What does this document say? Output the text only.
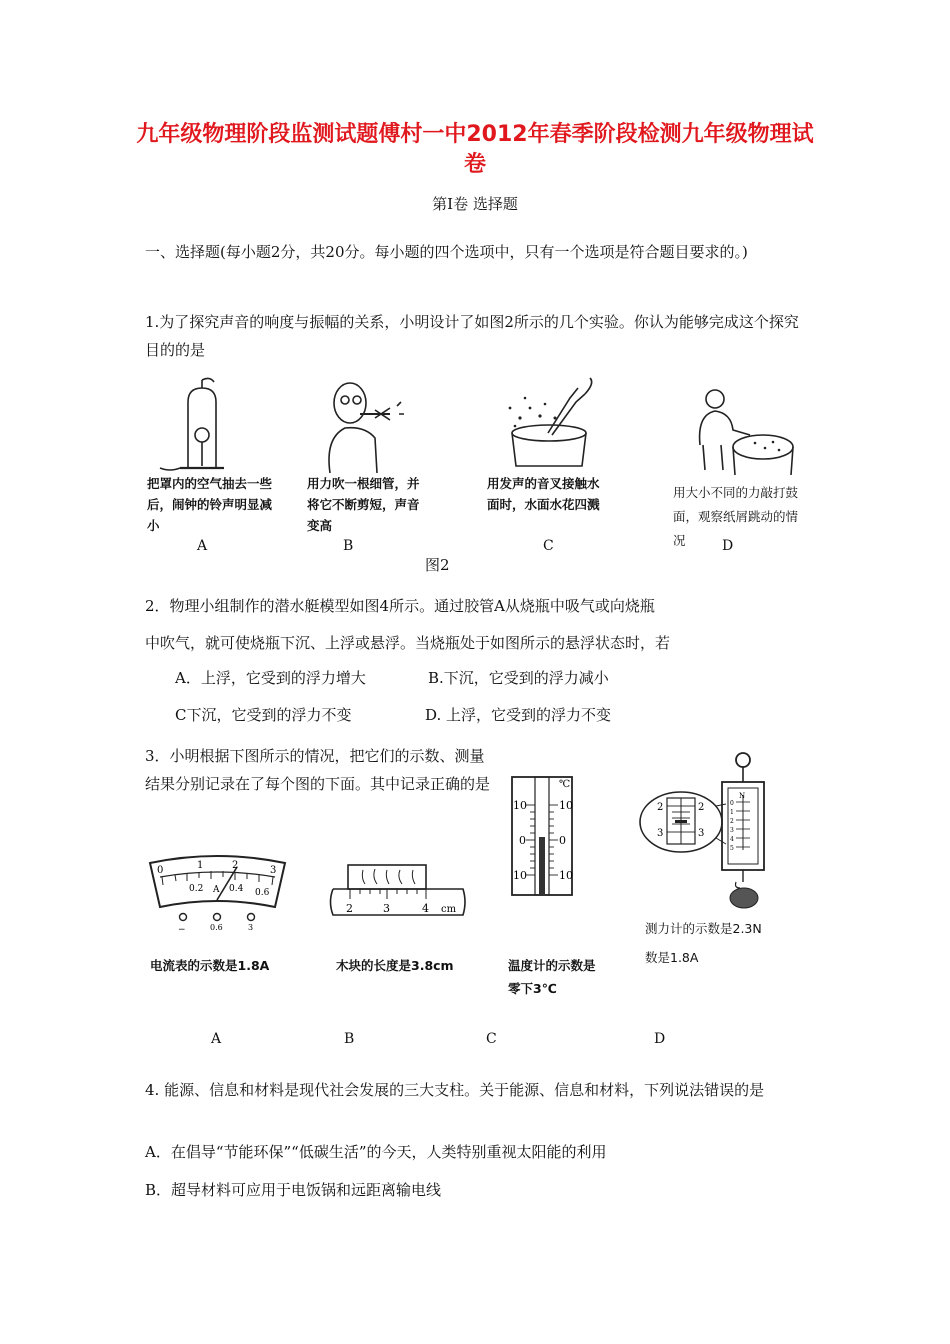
九年级物理阶段监测试题傅村一中2012年春季阶段检测九年级物理试卷
第Ⅰ卷 选择题
一、选择题(每小题2分，共20分。每小题的四个选项中，只有一个选项是符合题目要求的。)
1.为了探究声音的响度与振幅的关系，小明设计了如图2所示的几个实验。你认为能够完成这个探究目的的是
把罩内的空气抽去一些后，闹钟的铃声明显减小
用力吹一根细管，并将它不断剪短，声音变高
用发声的音叉接触水面时，水面水花四溅
用大小不同的力敲打鼓面，观察纸屑跳动的情况
A	B	C	D
图2
2．物理小组制作的潜水艇模型如图4所示。通过胶管A从烧瓶中吸气或向烧瓶
中吹气，就可使烧瓶下沉、上浮或悬浮。当烧瓶处于如图所示的悬浮状态时，若
A．上浮，它受到的浮力增大	B.下沉，它受到的浮力减小
C下沉，它受到的浮力不变	D. 上浮，它受到的浮力不变
3．小明根据下图所示的情况，把它们的示数、测量结果分别记录在了每个图的下面。其中记录正确的是
0	1	2	3
0.2 A 0.4 0.6
−	0.6	3
2	3	4 cm
℃
10
0
10
10
0
10
N
0
1
2
3
4
5
2	2
3	3
电流表的示数是1.8A	木块的长度是3.8cm	温度计的示数是
零下3℃
测力计的示数是2.3N
数是1.8A
A	B	C	D
4. 能源、信息和材料是现代社会发展的三大支柱。关于能源、信息和材料，下列说法错误的是
A．在倡导“节能环保”“低碳生活”的今天，人类特别重视太阳能的利用
B．超导材料可应用于电饭锅和远距离输电线
